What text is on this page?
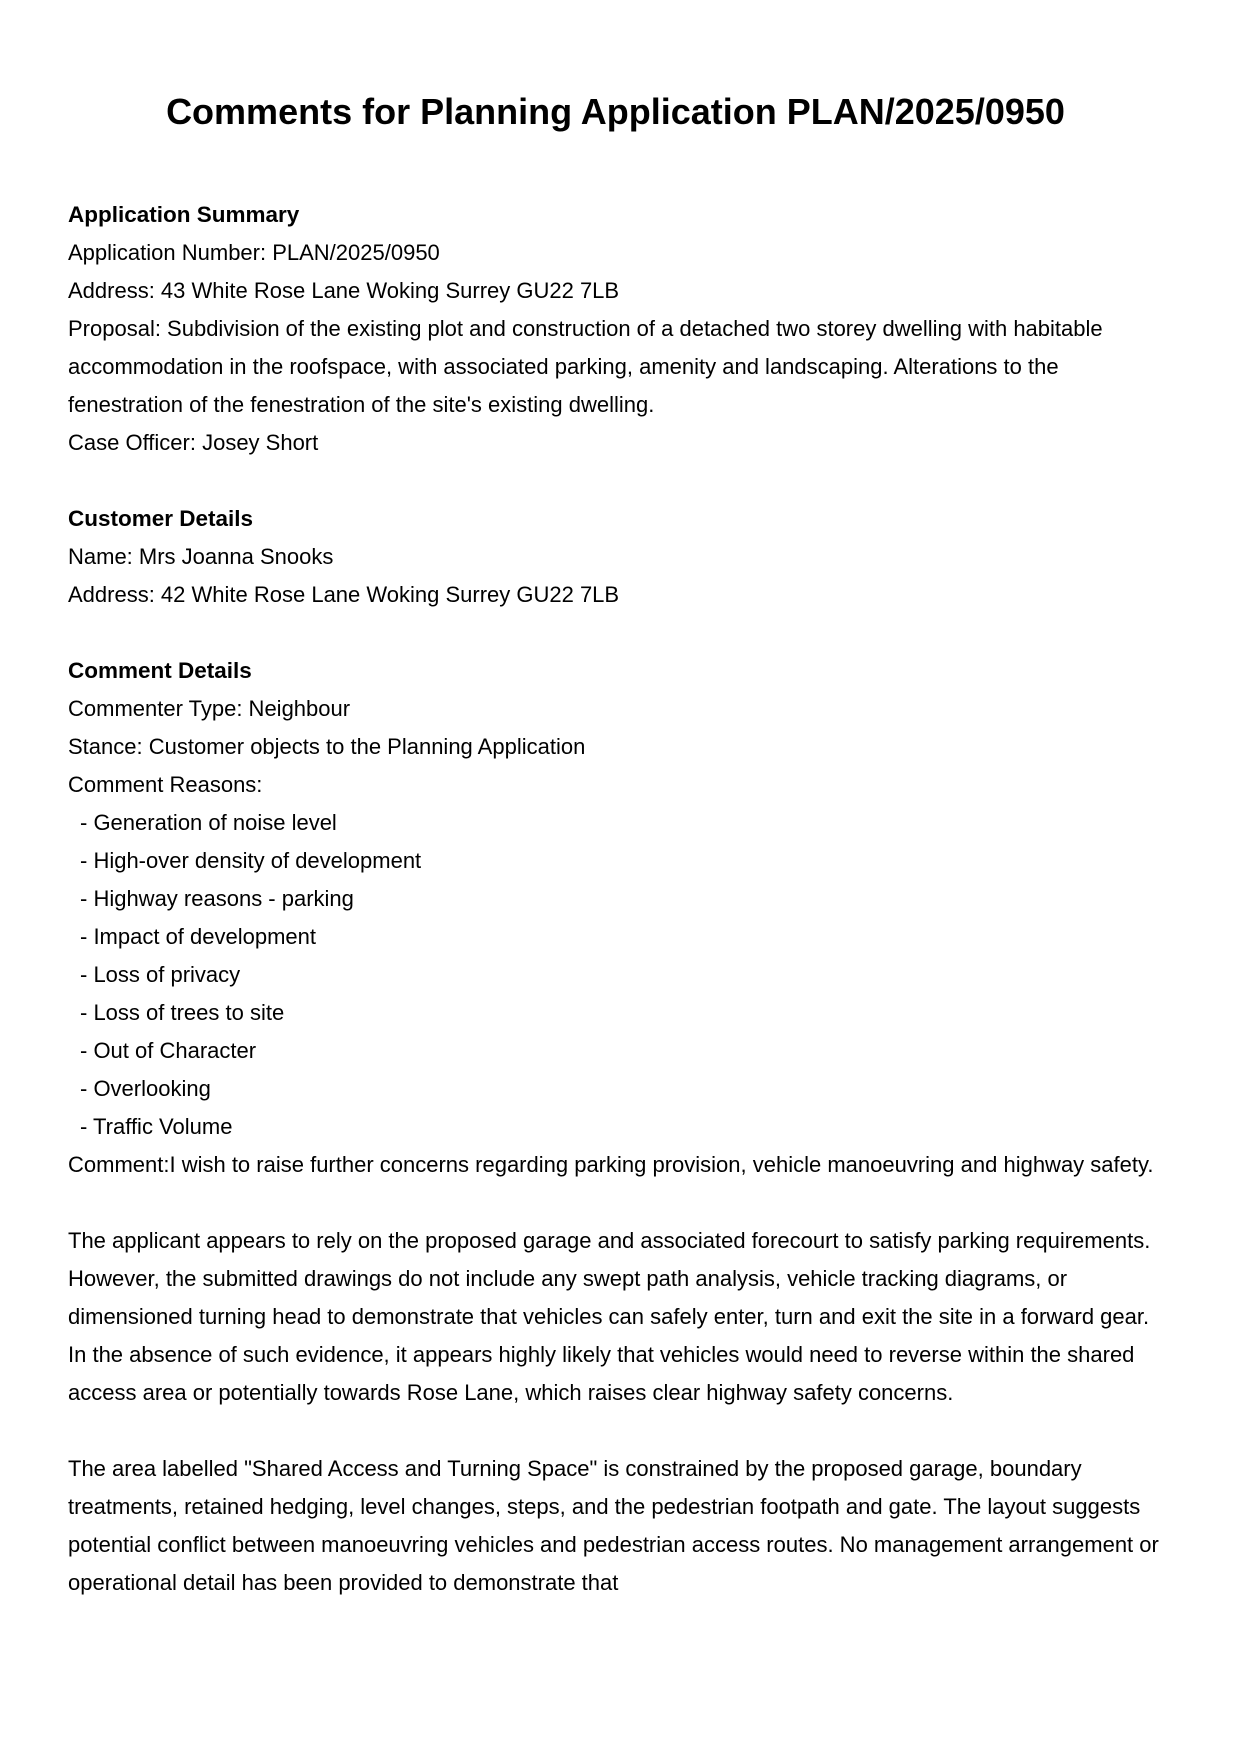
Comments for Planning Application PLAN/2025/0950
Application Summary

Application Number: PLAN/2025/0950

Address: 43 White Rose Lane Woking Surrey GU22 7LB

Proposal: Subdivision of the existing plot and construction of a detached two storey dwelling with habitable accommodation in the roofspace, with associated parking, amenity and landscaping. Alterations to the fenestration of the fenestration of the site's existing dwelling.

Case Officer: Josey Short

Customer Details

Name: Mrs Joanna Snooks

Address: 42 White Rose Lane Woking Surrey GU22 7LB

Comment Details

Commenter Type: Neighbour

Stance: Customer objects to the Planning Application

Comment Reasons:

- Generation of noise level

- High-over density of development

- Highway reasons - parking

- Impact of development

- Loss of privacy

- Loss of trees to site

- Out of Character

- Overlooking

- Traffic Volume

Comment:I wish to raise further concerns regarding parking provision, vehicle manoeuvring and highway safety.

The applicant appears to rely on the proposed garage and associated forecourt to satisfy parking requirements. However, the submitted drawings do not include any swept path analysis, vehicle tracking diagrams, or dimensioned turning head to demonstrate that vehicles can safely enter, turn and exit the site in a forward gear. In the absence of such evidence, it appears highly likely that vehicles would need to reverse within the shared access area or potentially towards Rose Lane, which raises clear highway safety concerns.

The area labelled "Shared Access and Turning Space" is constrained by the proposed garage, boundary treatments, retained hedging, level changes, steps, and the pedestrian footpath and gate. The layout suggests potential conflict between manoeuvring vehicles and pedestrian access routes. No management arrangement or operational detail has been provided to demonstrate that
